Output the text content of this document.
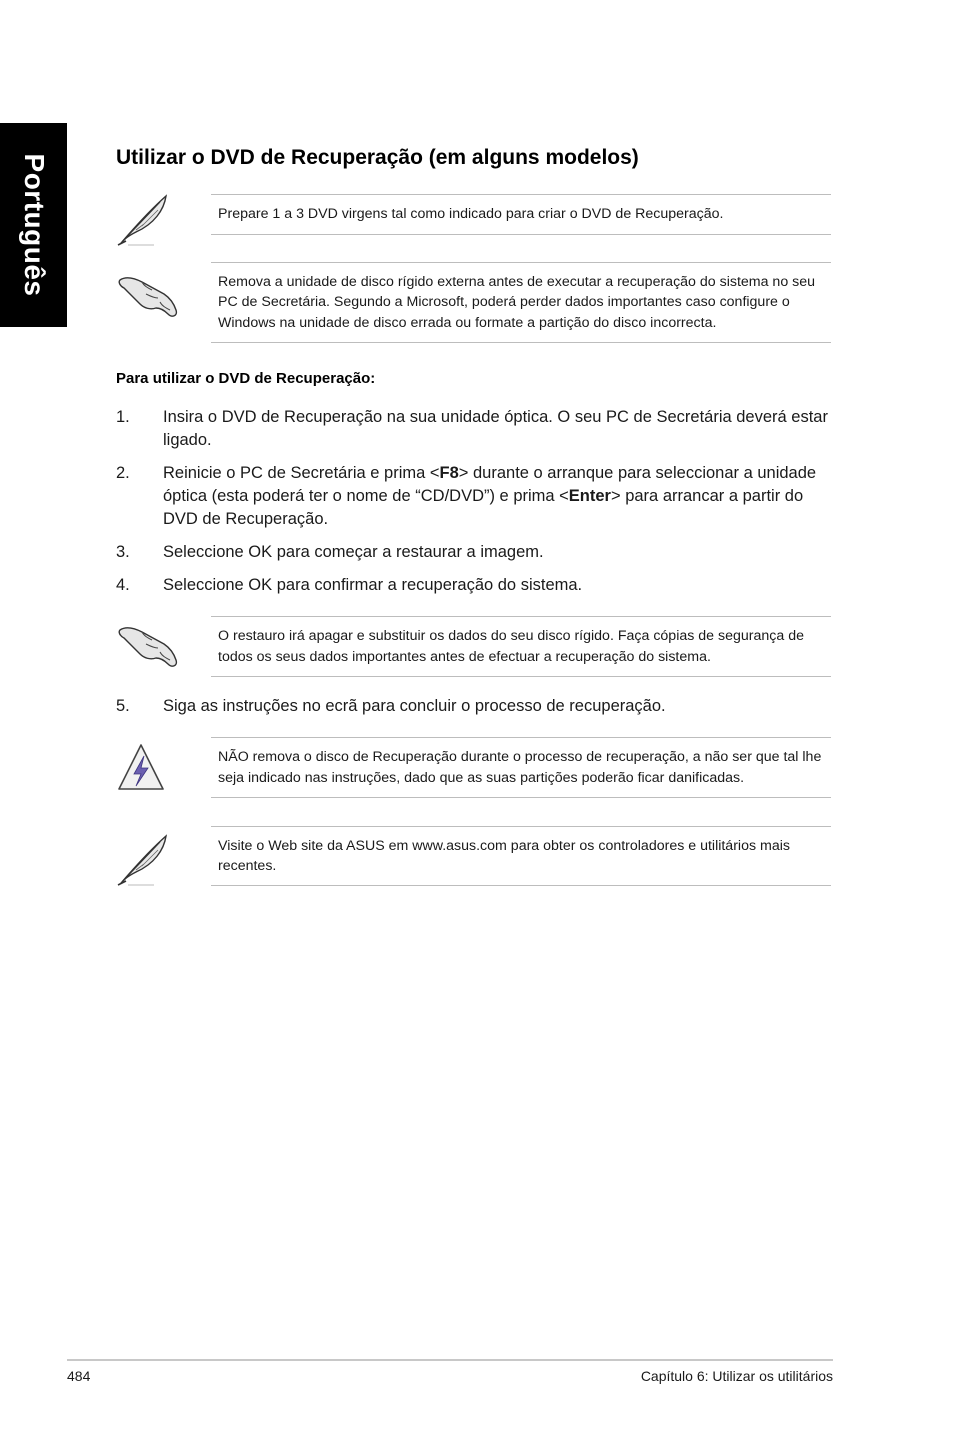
Português	Utilizar o DVD de Recuperação (em alguns modelos)

Prepare 1 a 3 DVD virgens tal como indicado para criar o DVD de Recuperação.

Remova a unidade de disco rígido externa antes de executar a recuperação do sistema no seu PC de Secretária. Segundo a Microsoft, poderá perder dados importantes caso configure o Windows na unidade de disco errada ou formate a partição do disco incorrecta.

Para utilizar o DVD de Recuperação:

1. Insira o DVD de Recuperação na sua unidade óptica. O seu PC de Secretária deverá estar ligado.
2. Reinicie o PC de Secretária e prima <F8> durante o arranque para seleccionar a unidade óptica (esta poderá ter o nome de “CD/DVD”) e prima <Enter> para arrancar a partir do DVD de Recuperação.
3. Seleccione OK para começar a restaurar a imagem.
4. Seleccione OK para confirmar a recuperação do sistema.

O restauro irá apagar e substituir os dados do seu disco rígido. Faça cópias de segurança de todos os seus dados importantes antes de efectuar a recuperação do sistema.

5. Siga as instruções no ecrã para concluir o processo de recuperação.

NÃO remova o disco de Recuperação durante o processo de recuperação, a não ser que tal lhe seja indicado nas instruções, dado que as suas partições poderão ficar danificadas.

Visite o Web site da ASUS em www.asus.com para obter os controladores e utilitários mais recentes.

484	Capítulo 6: Utilizar os utilitários
